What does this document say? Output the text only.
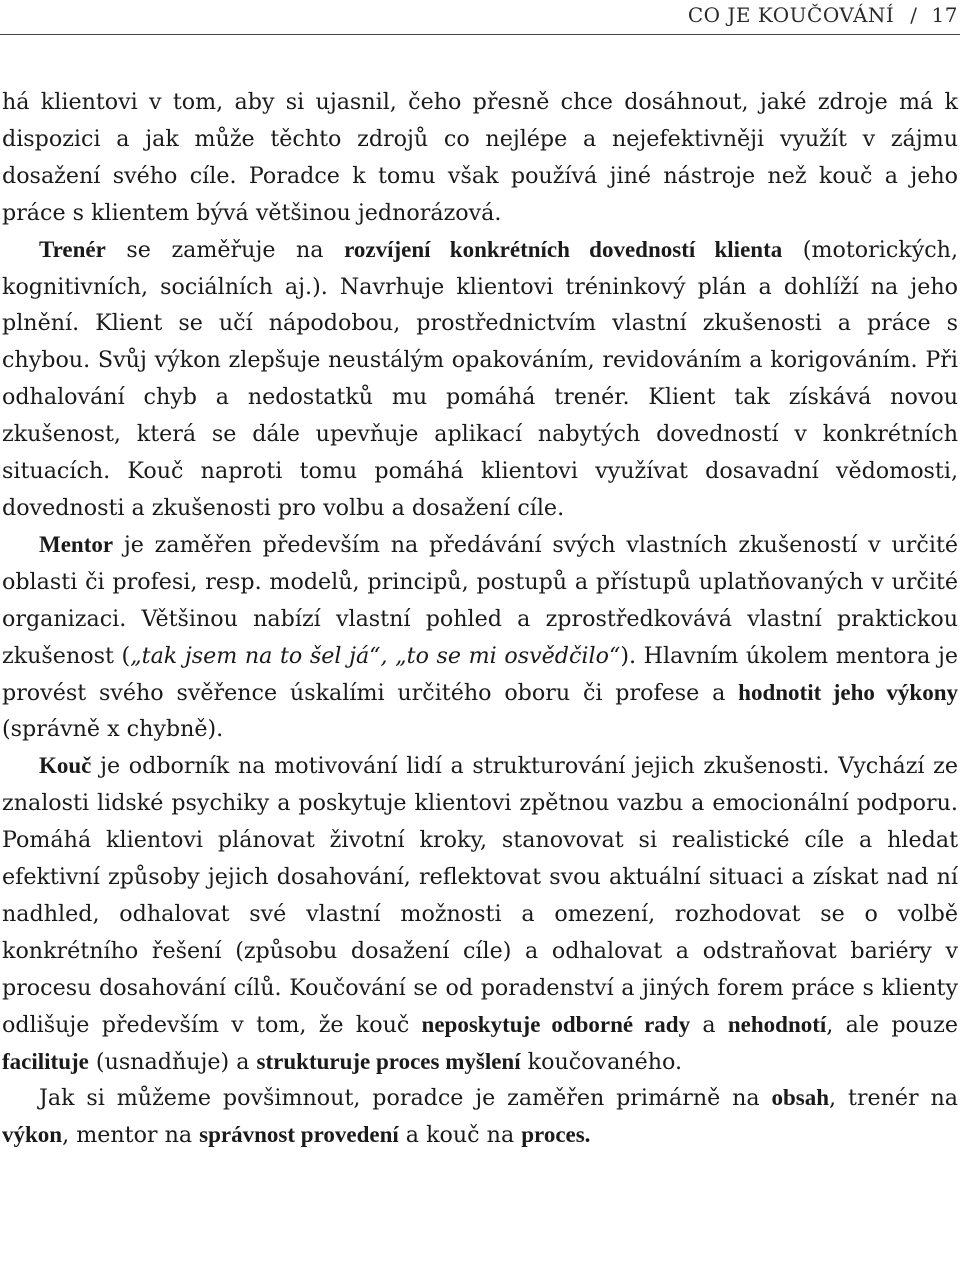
CO JE KOUČOVÁNÍ / 17

há klientovi v tom, aby si ujasnil, čeho přesně chce dosáhnout, jaké zdroje má k dispozici a jak může těchto zdrojů co nejlépe a nejefektivněji využít v zájmu dosažení svého cíle. Poradce k tomu však používá jiné nástroje než kouč a jeho práce s klientem bývá většinou jednorázová.

Trenér se zaměřuje na rozvíjení konkrétních dovedností klienta (motorických, kognitivních, sociálních aj.). Navrhuje klientovi tréninkový plán a dohlíží na jeho plnění. Klient se učí nápodobou, prostřednictvím vlastní zkušenosti a práce s chybou. Svůj výkon zlepšuje neustálým opakováním, revidováním a korigováním. Při odhalování chyb a nedostatků mu pomáhá trenér. Klient tak získává novou zkušenost, která se dále upevňuje aplikací nabytých dovedností v konkrétních situacích. Kouč naproti tomu pomáhá klientovi využívat dosavadní vědomosti, dovednosti a zkušenosti pro volbu a dosažení cíle.

Mentor je zaměřen především na předávání svých vlastních zkušeností v určité oblasti či profesi, resp. modelů, principů, postupů a přístupů uplatňovaných v určité organizaci. Většinou nabízí vlastní pohled a zprostředkovává vlastní praktickou zkušenost („tak jsem na to šel já“, „to se mi osvědčilo“). Hlavním úkolem mentora je provést svého svěřence úskalími určitého oboru či profese a hodnotit jeho výkony (správně x chybně).

Kouč je odborník na motivování lidí a strukturování jejich zkušenosti. Vychází ze znalosti lidské psychiky a poskytuje klientovi zpětnou vazbu a emocionální podporu. Pomáhá klientovi plánovat životní kroky, stanovovat si realistické cíle a hledat efektivní způsoby jejich dosahování, reflektovat svou aktuální situaci a získat nad ní nadhled, odhalovat své vlastní možnosti a omezení, rozhodovat se o volbě konkrétního řešení (způsobu dosažení cíle) a odhalovat a odstraňovat bariéry v procesu dosahování cílů. Koučování se od poradenství a jiných forem práce s klienty odlišuje především v tom, že kouč neposkytuje odborné rady a nehodnotí, ale pouze facilituje (usnadňuje) a strukturuje proces myšlení koučovaného.

Jak si můžeme povšimnout, poradce je zaměřen primárně na obsah, trenér na výkon, mentor na správnost provedení a kouč na proces.
